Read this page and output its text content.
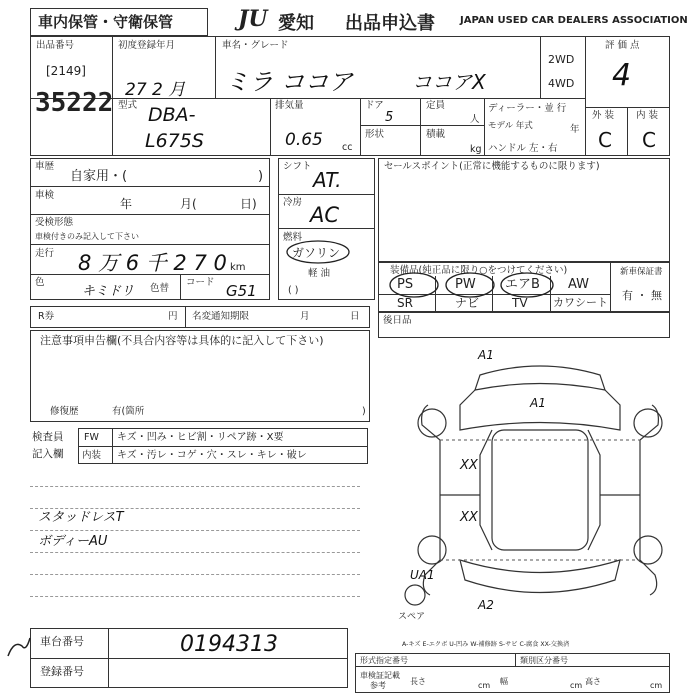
車内保管・守衛保管	JU 愛知 出品申込書	JAPAN USED CAR DEALERS ASSOCIATION
出品番号
[2149]
35222
初度登録年月
27 2 月
車名・グレード
ミラ ココア	ココアX
2WD
4WD
評 価 点
4
外 装 内 装
C C
型式 DBA-
L675S
排気量
0.65 cc
ドア
5
定員
人
形状	積載
kg
ディーラー・並 行
モデル 年式	年
ハンドル 左・右
車歴
自家用・(	)
車検
年	月(	日)
受検形態
車検付きのみ記入して下さい
走行 8 万 6 千 2 7 0 km
色
キミドリ 色替
コード G51
シフト
AT.
冷房
AC
燃料
ガソリン
軽 油
( )
セールスポイント(正常に機能するものに限ります)
装備品(純正品に限り○をつけてください)
PS	PW エアB AW
SR	ナビ	TV カワシート
新車保証書
有 ・ 無
R券	円 名変通知期限	月	日
注意事項申告欄(不具合内容等は具体的に記入して下さい)
修復歴	有(箇所	)
検査員
記入欄
FW キズ・凹み・ヒビ割・リペア跡・X要
内装 キズ・汚レ・コゲ・穴・スレ・キレ・破レ
スタッドレスT
ボディーAU
後日品
A1
A1
XX
XX
UA1
A2
スペア
A-キズ E-エクボ U-凹み W-補修跡 S-サビ C-腐食 XX-交換済
車台番号	0194313
登録番号
形式指定番号	類別区分番号
車検証記載
参考	長さ	cm 幅	cm 高さ	cm
